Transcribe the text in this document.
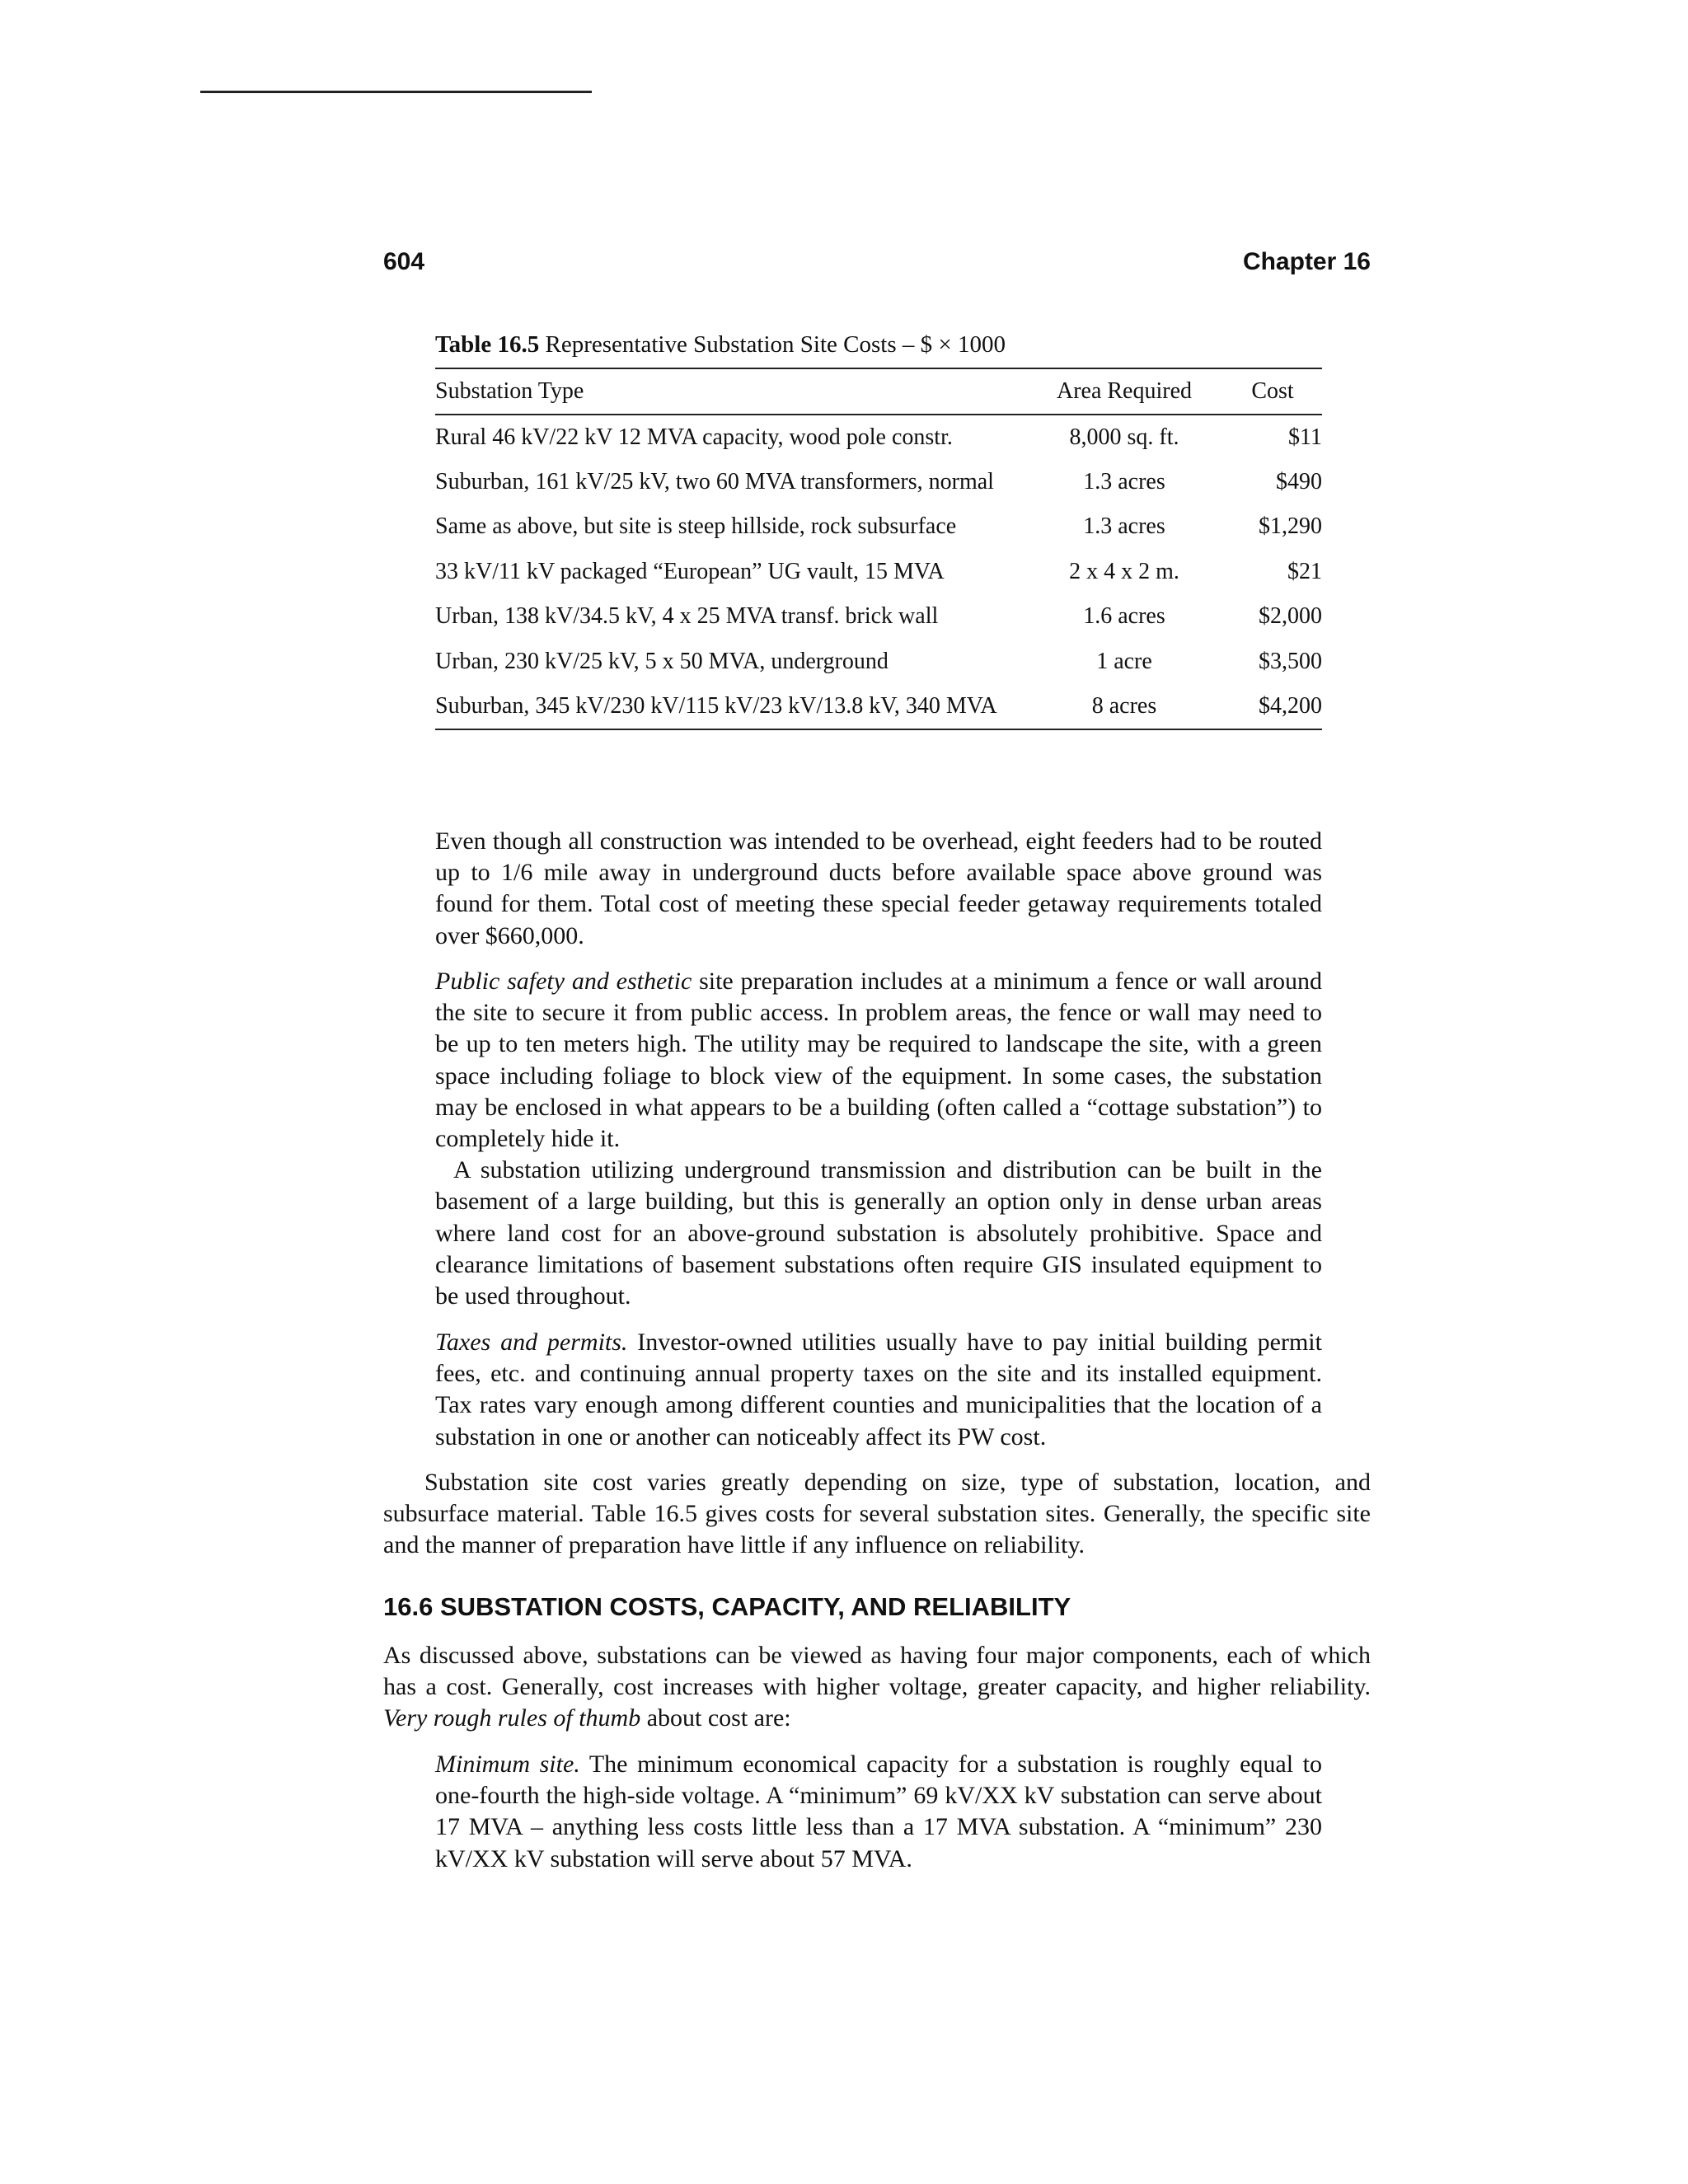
604	Chapter 16
Table 16.5 Representative Substation Site Costs – $ × 1000
Substation Type	Area Required	Cost
Rural 46 kV/22 kV 12 MVA capacity, wood pole constr.	8,000 sq. ft.	$11
Suburban, 161 kV/25 kV, two 60 MVA transformers, normal	1.3 acres	$490
Same as above, but site is steep hillside, rock subsurface	1.3 acres	$1,290
33 kV/11 kV packaged “European” UG vault, 15 MVA	2 x 4 x 2 m.	$21
Urban, 138 kV/34.5 kV, 4 x 25 MVA transf. brick wall	1.6 acres	$2,000
Urban, 230 kV/25 kV, 5 x 50 MVA, underground	1 acre	$3,500
Suburban, 345 kV/230 kV/115 kV/23 kV/13.8 kV, 340 MVA	8 acres	$4,200

Even though all construction was intended to be overhead, eight feeders had to be routed up to 1/6 mile away in underground ducts before available space above ground was found for them. Total cost of meeting these special feeder getaway requirements totaled over $660,000.

Public safety and esthetic site preparation includes at a minimum a fence or wall around the site to secure it from public access. In problem areas, the fence or wall may need to be up to ten meters high. The utility may be required to landscape the site, with a green space including foliage to block view of the equipment. In some cases, the substation may be enclosed in what appears to be a building (often called a “cottage substation”) to completely hide it.

A substation utilizing underground transmission and distribution can be built in the basement of a large building, but this is generally an option only in dense urban areas where land cost for an above-ground substation is absolutely prohibitive. Space and clearance limitations of basement substations often require GIS insulated equipment to be used throughout.

Taxes and permits. Investor-owned utilities usually have to pay initial building permit fees, etc. and continuing annual property taxes on the site and its installed equipment. Tax rates vary enough among different counties and municipalities that the location of a substation in one or another can noticeably affect its PW cost.

Substation site cost varies greatly depending on size, type of substation, location, and subsurface material. Table 16.5 gives costs for several substation sites. Generally, the specific site and the manner of preparation have little if any influence on reliability.

16.6 SUBSTATION COSTS, CAPACITY, AND RELIABILITY

As discussed above, substations can be viewed as having four major components, each of which has a cost. Generally, cost increases with higher voltage, greater capacity, and higher reliability. Very rough rules of thumb about cost are:

Minimum site. The minimum economical capacity for a substation is roughly equal to one-fourth the high-side voltage. A “minimum” 69 kV/XX kV substation can serve about 17 MVA – anything less costs little less than a 17 MVA substation. A “minimum” 230 kV/XX kV substation will serve about 57 MVA.
